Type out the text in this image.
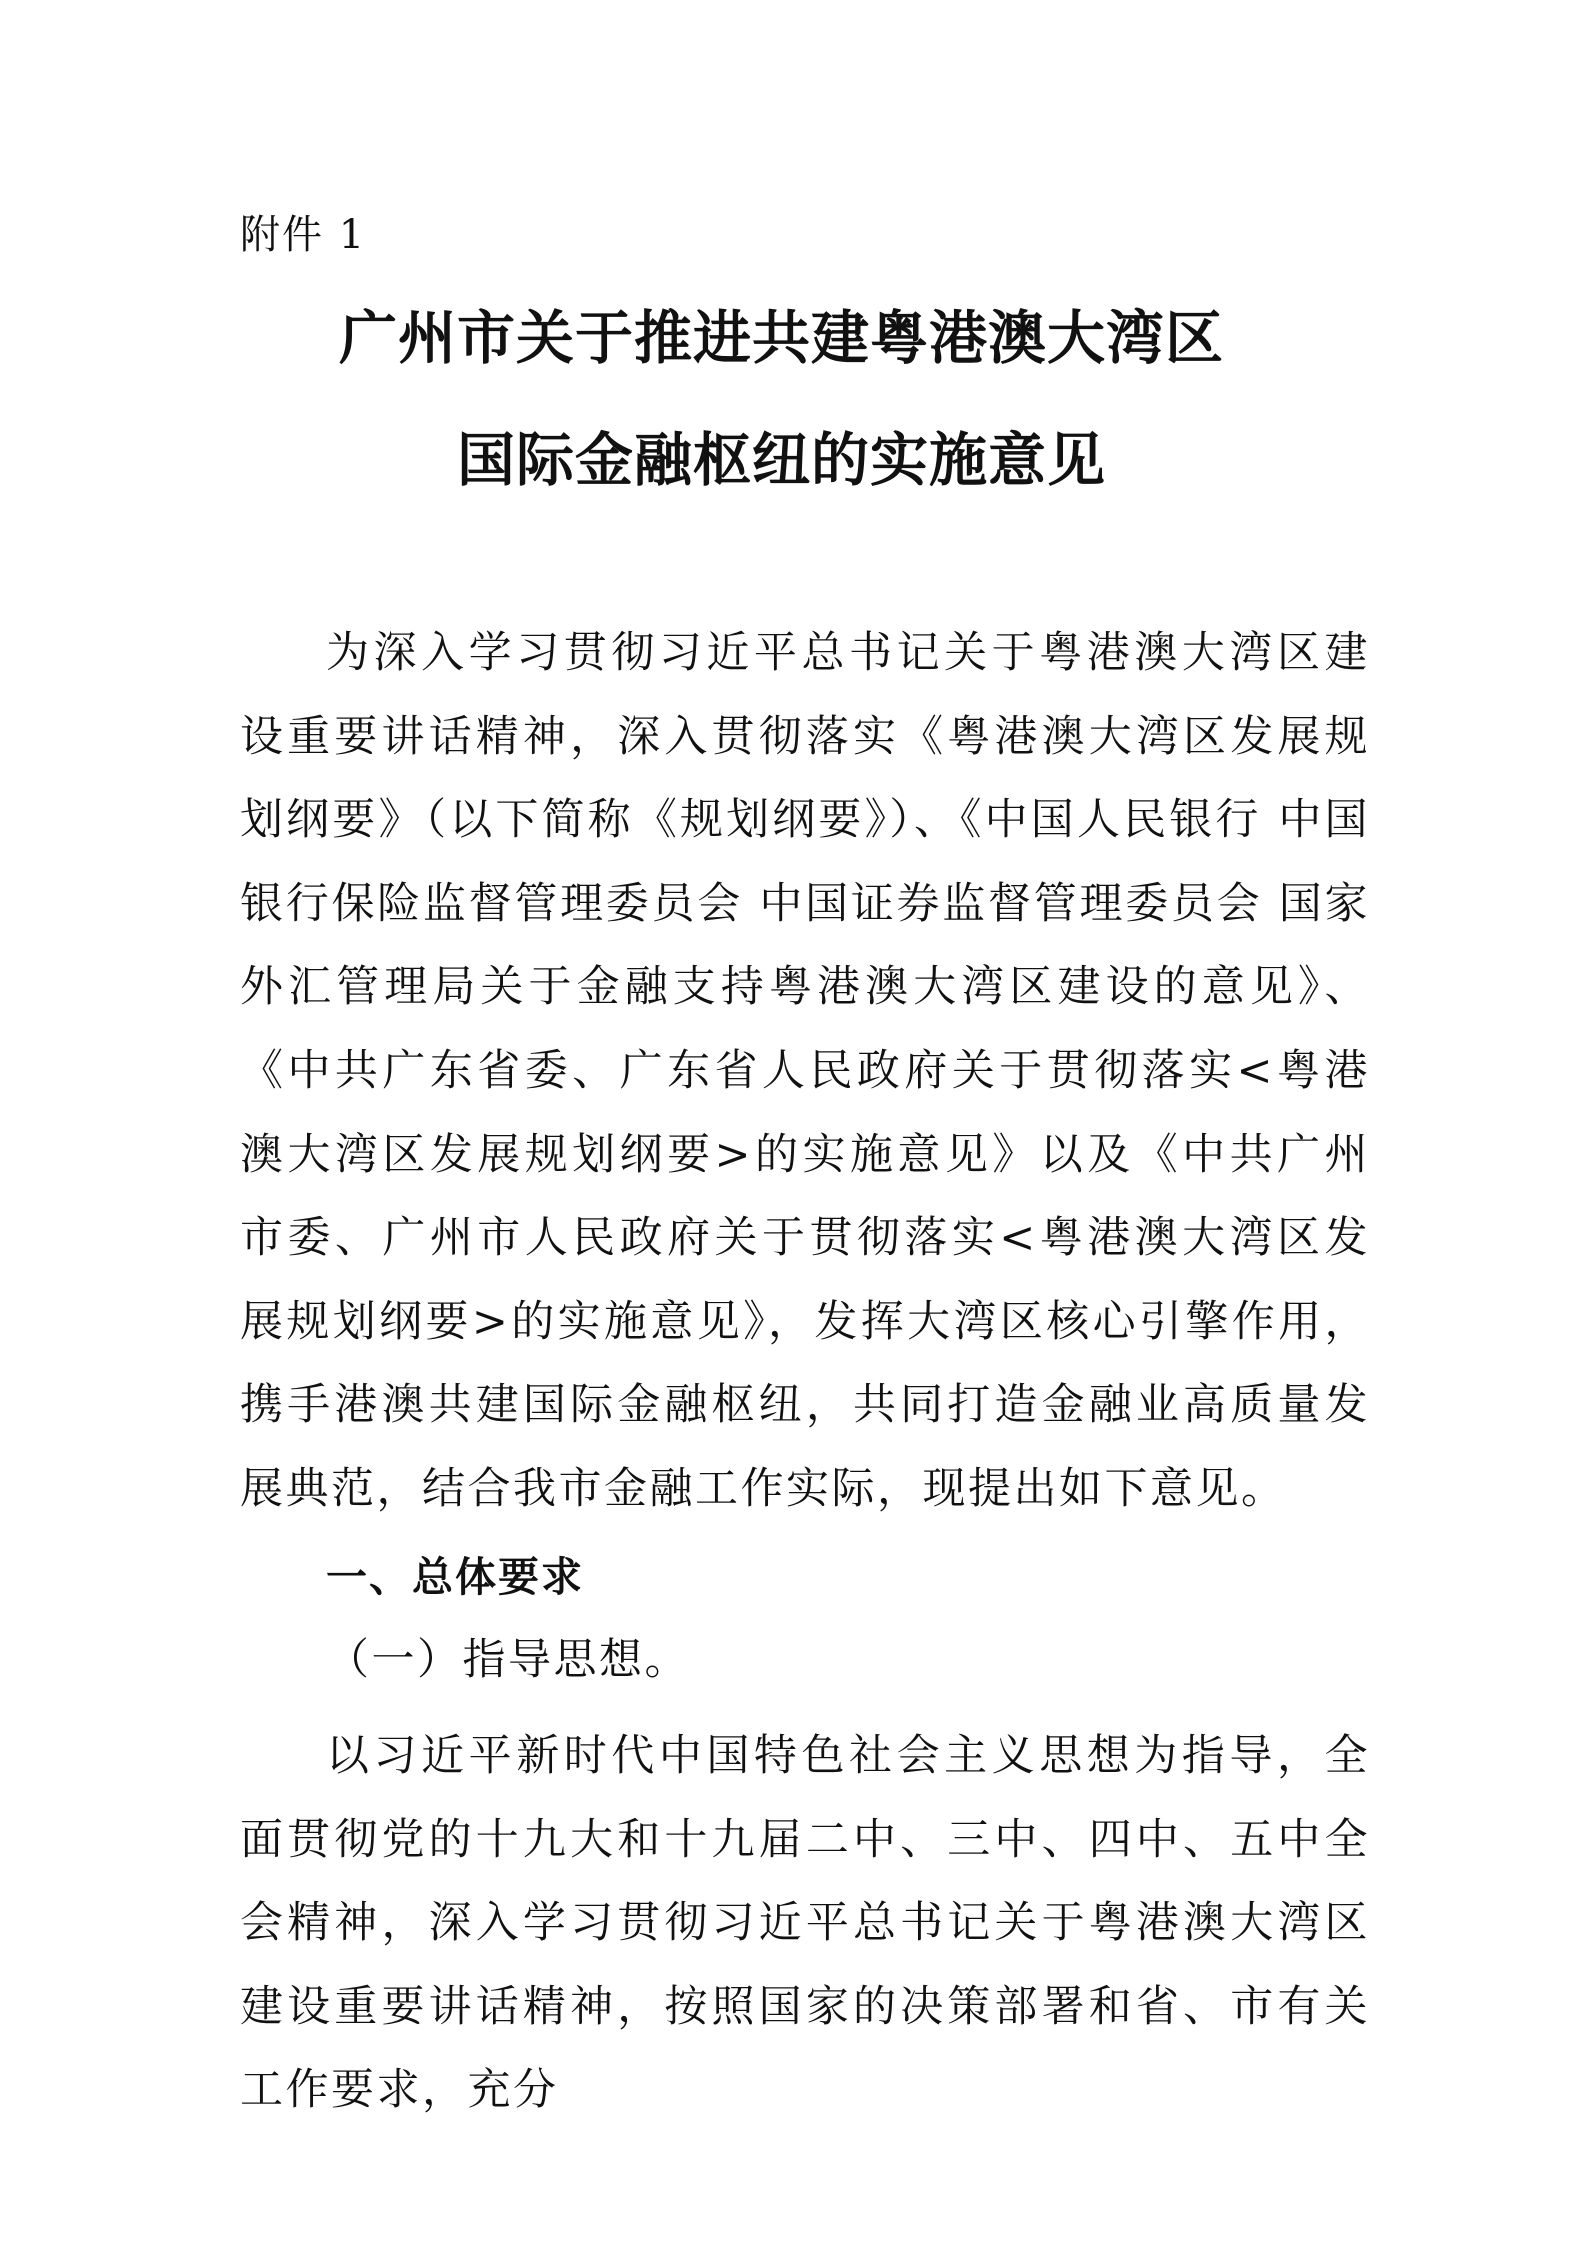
附件 1
广州市关于推进共建粤港澳大湾区
国际金融枢纽的实施意见
为深入学习贯彻习近平总书记关于粤港澳大湾区建设重要讲话精神，深入贯彻落实《粤港澳大湾区发展规划纲要》（以下简称《规划纲要》）、《中国人民银行 中国银行保险监督管理委员会 中国证券监督管理委员会 国家外汇管理局关于金融支持粤港澳大湾区建设的意见》、《中共广东省委、广东省人民政府关于贯彻落实<粤港澳大湾区发展规划纲要>的实施意见》以及《中共广州市委、广州市人民政府关于贯彻落实<粤港澳大湾区发展规划纲要>的实施意见》，发挥大湾区核心引擎作用，携手港澳共建国际金融枢纽，共同打造金融业高质量发展典范，结合我市金融工作实际，现提出如下意见。
一、总体要求
（一）指导思想。
以习近平新时代中国特色社会主义思想为指导，全面贯彻党的十九大和十九届二中、三中、四中、五中全会精神，深入学习贯彻习近平总书记关于粤港澳大湾区建设重要讲话精神，按照国家的决策部署和省、市有关工作要求，充分
